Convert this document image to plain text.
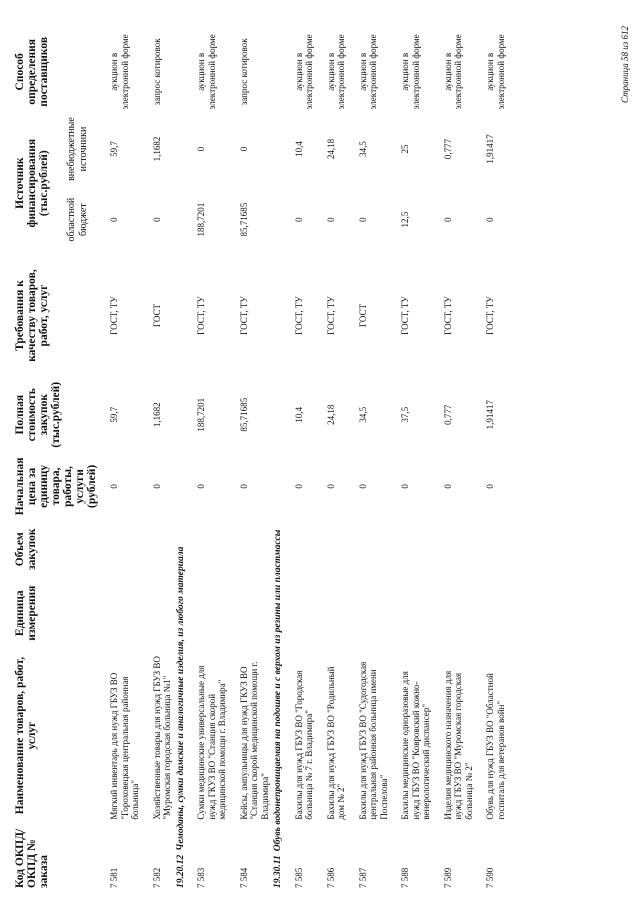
Код ОКПД/ ОКПД № заказа	Наименование товаров, работ, услуг	Единица измерения	Объем закупок	Начальная цена за единицу товара, работы, услуги (рублей)	Полная стоимость закупок (тыс.рублей)	Требования к качеству товаров, работ, услуг	Источник финансирования (тыс.рублей)		Способ определения поставщиков
							областной бюджет	внебюджетные источники	
7 581	Мягкий инвентарь для нужд ГБУЗ ВО "Гороховецкая центральная районная больница"			0	59,7	ГОСТ, ТУ	0	59,7	аукцион в электронной форме
7 582	Хозяйственные товары для нужд ГБУЗ ВО "Муромская городская больница №1"			0	1,1682	ГОСТ	0	1,1682	запрос котировок
19.20.12Чемоданы, сумки дамские и аналогичные изделия, из любого материала									
7 583	Сумки медицинские универсальные для нужд ГКУЗ ВО "Станция скорой медицинской помощи г. Владимира"			0	188,7201	ГОСТ, ТУ	188,7201	0	аукцион в электронной форме
7 584	Кейсы, ампульницы для нужд ГКУЗ ВО "Станция скорой медицинской помощи г. Владимира"			0	85,71685	ГОСТ, ТУ	85,71685	0	запрос котировок
19.30.11Обувь водонепроницаемая на подошве и с верхом из резины или пластмассы									
7 585	Бахилы для нужд ГБУЗ ВО "Городская больница № 7 г. Владимира"			0	10,4	ГОСТ, ТУ	0	10,4	аукцион в электронной форме
7 586	Бахилы для нужд ГБУЗ ВО "Родильный дом № 2"			0	24,18	ГОСТ, ТУ	0	24,18	аукцион в электронной форме
7 587	Бахилы для нужд ГБУЗ ВО "Судогодская центральная районная больница имени Поспелова"			0	34,5	ГОСТ	0	34,5	аукцион в электронной форме
7 588	Бахилы медицинские одноразовые для нужд ГБУЗ ВО "Ковровский кожно-венерологический диспансер"			0	37,5	ГОСТ, ТУ	12,5	25	аукцион в электронной форме
7 589	Изделия медицинского назначения для нужд ГБУЗ ВО "Муромская городская больница № 2"			0	0,777	ГОСТ, ТУ	0	0,777	аукцион в электронной форме
7 590	Обувь для нужд ГБУЗ ВО "Областной госпиталь для ветеранов войн"			0	1,91417	ГОСТ, ТУ	0	1,91417	аукцион в электронной форме	Страница 58 из 612
